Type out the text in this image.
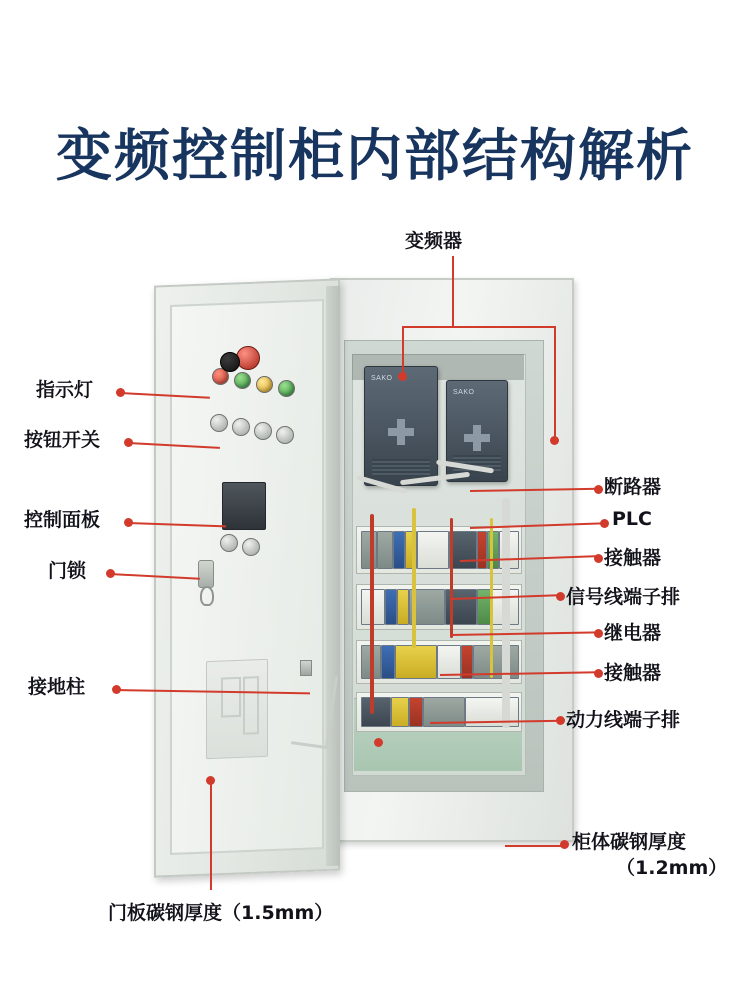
变频控制柜内部结构解析
SAKO
SAKO
变频器
指示灯
按钮开关
控制面板
门锁
接地柱
断路器
PLC
接触器
信号线端子排
继电器
接触器
动力线端子排
柜体碳钢厚度
（1.2mm）
门板碳钢厚度（1.5mm）
